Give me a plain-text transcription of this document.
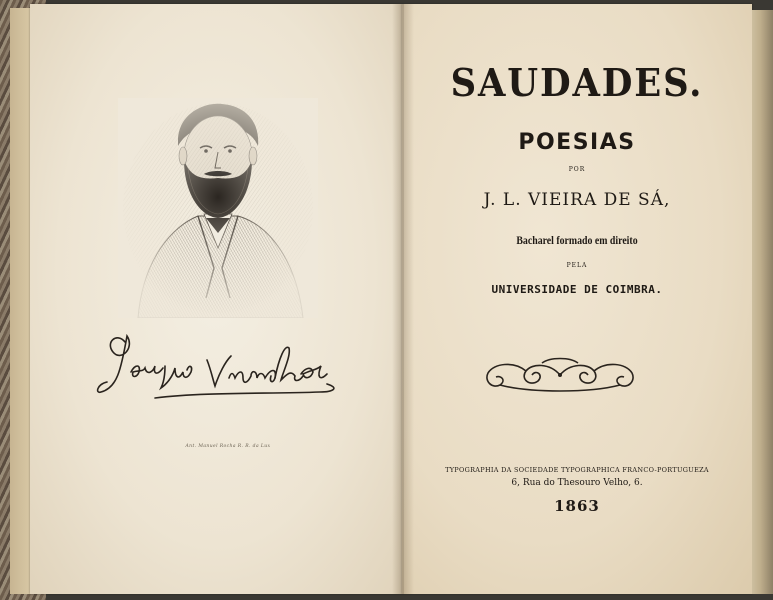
Ant. Manuel Rocha R. R. da Lux
SAUDADES.
POESIAS
POR
J. L. VIEIRA DE SÁ,
Bacharel formado em direito
PELA
UNIVERSIDADE DE COIMBRA.
TYPOGRAPHIA DA SOCIEDADE TYPOGRAPHICA FRANCO-PORTUGUEZA
6, Rua do Thesouro Velho, 6.
1863
